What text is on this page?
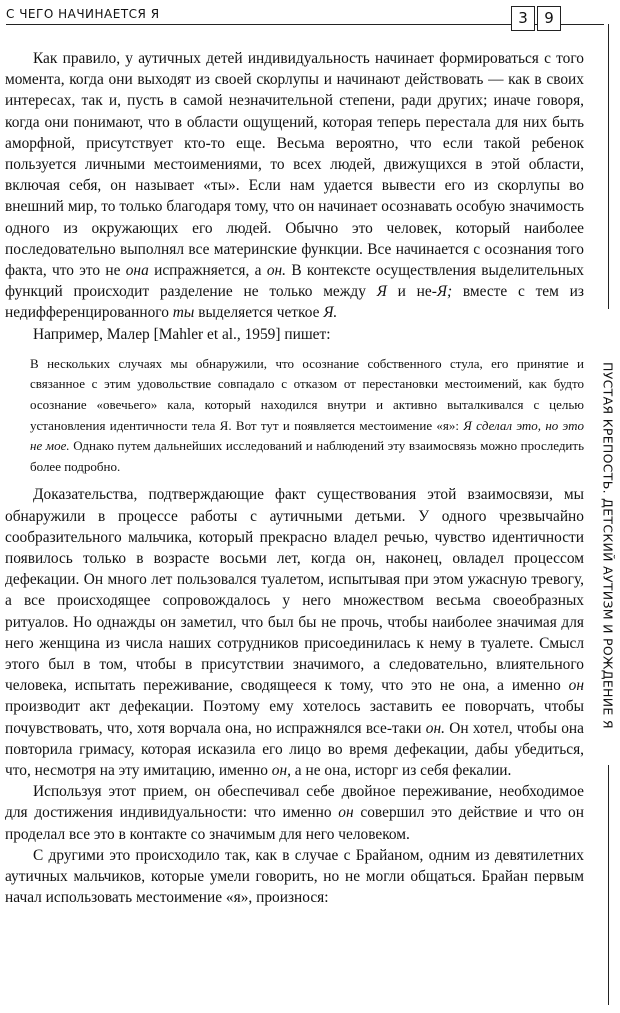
С ЧЕГО НАЧИНАЕТСЯ Я	3	9
ПУСТАЯ КРЕПОСТЬ. ДЕТСКИЙ АУТИЗМ И РОЖДЕНИЕ Я

Как правило, у аутичных детей индивидуальность начинает формироваться с того момента, когда они выходят из своей скорлупы и начинают действовать — как в своих интересах, так и, пусть в самой незначительной степени, ради других; иначе говоря, когда они понимают, что в области ощущений, которая теперь перестала для них быть аморфной, присутствует кто-то еще. Весьма вероятно, что если такой ребенок пользуется личными местоимениями, то всех людей, движущихся в этой области, включая себя, он называет «ты». Если нам удается вывести его из скорлупы во внешний мир, то только благодаря тому, что он начинает осознавать особую значимость одного из окружающих его людей. Обычно это человек, который наиболее последовательно выполнял все материнские функции. Все начинается с осознания того факта, что это не она испражняется, а он. В контексте осуществления выделительных функций происходит разделение не только между Я и не-Я; вместе с тем из недифференцированного ты выделяется четкое Я.

Например, Малер [Mahler et al., 1959] пишет:

В нескольких случаях мы обнаружили, что осознание собственного стула, его принятие и связанное с этим удовольствие совпадало с отказом от перестановки местоимений, как будто осознание «овечьего» кала, который находился внутри и активно выталкивался с целью установления идентичности тела Я. Вот тут и появляется местоимение «я»: Я сделал это, но это не мое. Однако путем дальнейших исследований и наблюдений эту взаимосвязь можно проследить более подробно.

Доказательства, подтверждающие факт существования этой взаимосвязи, мы обнаружили в процессе работы с аутичными детьми. У одного чрезвычайно сообразительного мальчика, который прекрасно владел речью, чувство идентичности появилось только в возрасте восьми лет, когда он, наконец, овладел процессом дефекации. Он много лет пользовался туалетом, испытывая при этом ужасную тревогу, а все происходящее сопровождалось у него множеством весьма своеобразных ритуалов. Но однажды он заметил, что был бы не прочь, чтобы наиболее значимая для него женщина из числа наших сотрудников присоединилась к нему в туалете. Смысл этого был в том, чтобы в присутствии значимого, а следовательно, влиятельного человека, испытать переживание, сводящееся к тому, что это не она, а именно он производит акт дефекации. Поэтому ему хотелось заставить ее поворчать, чтобы почувствовать, что, хотя ворчала она, но испражнялся все-таки он. Он хотел, чтобы она повторила гримасу, которая исказила его лицо во время дефекации, дабы убедиться, что, несмотря на эту имитацию, именно он, а не она, исторг из себя фекалии.

Используя этот прием, он обеспечивал себе двойное переживание, необходимое для достижения индивидуальности: что именно он совершил это действие и что он проделал все это в контакте со значимым для него человеком.

С другими это происходило так, как в случае с Брайаном, одним из девятилетних аутичных мальчиков, которые умели говорить, но не могли общаться. Брайан первым начал использовать местоимение «я», произнося:
